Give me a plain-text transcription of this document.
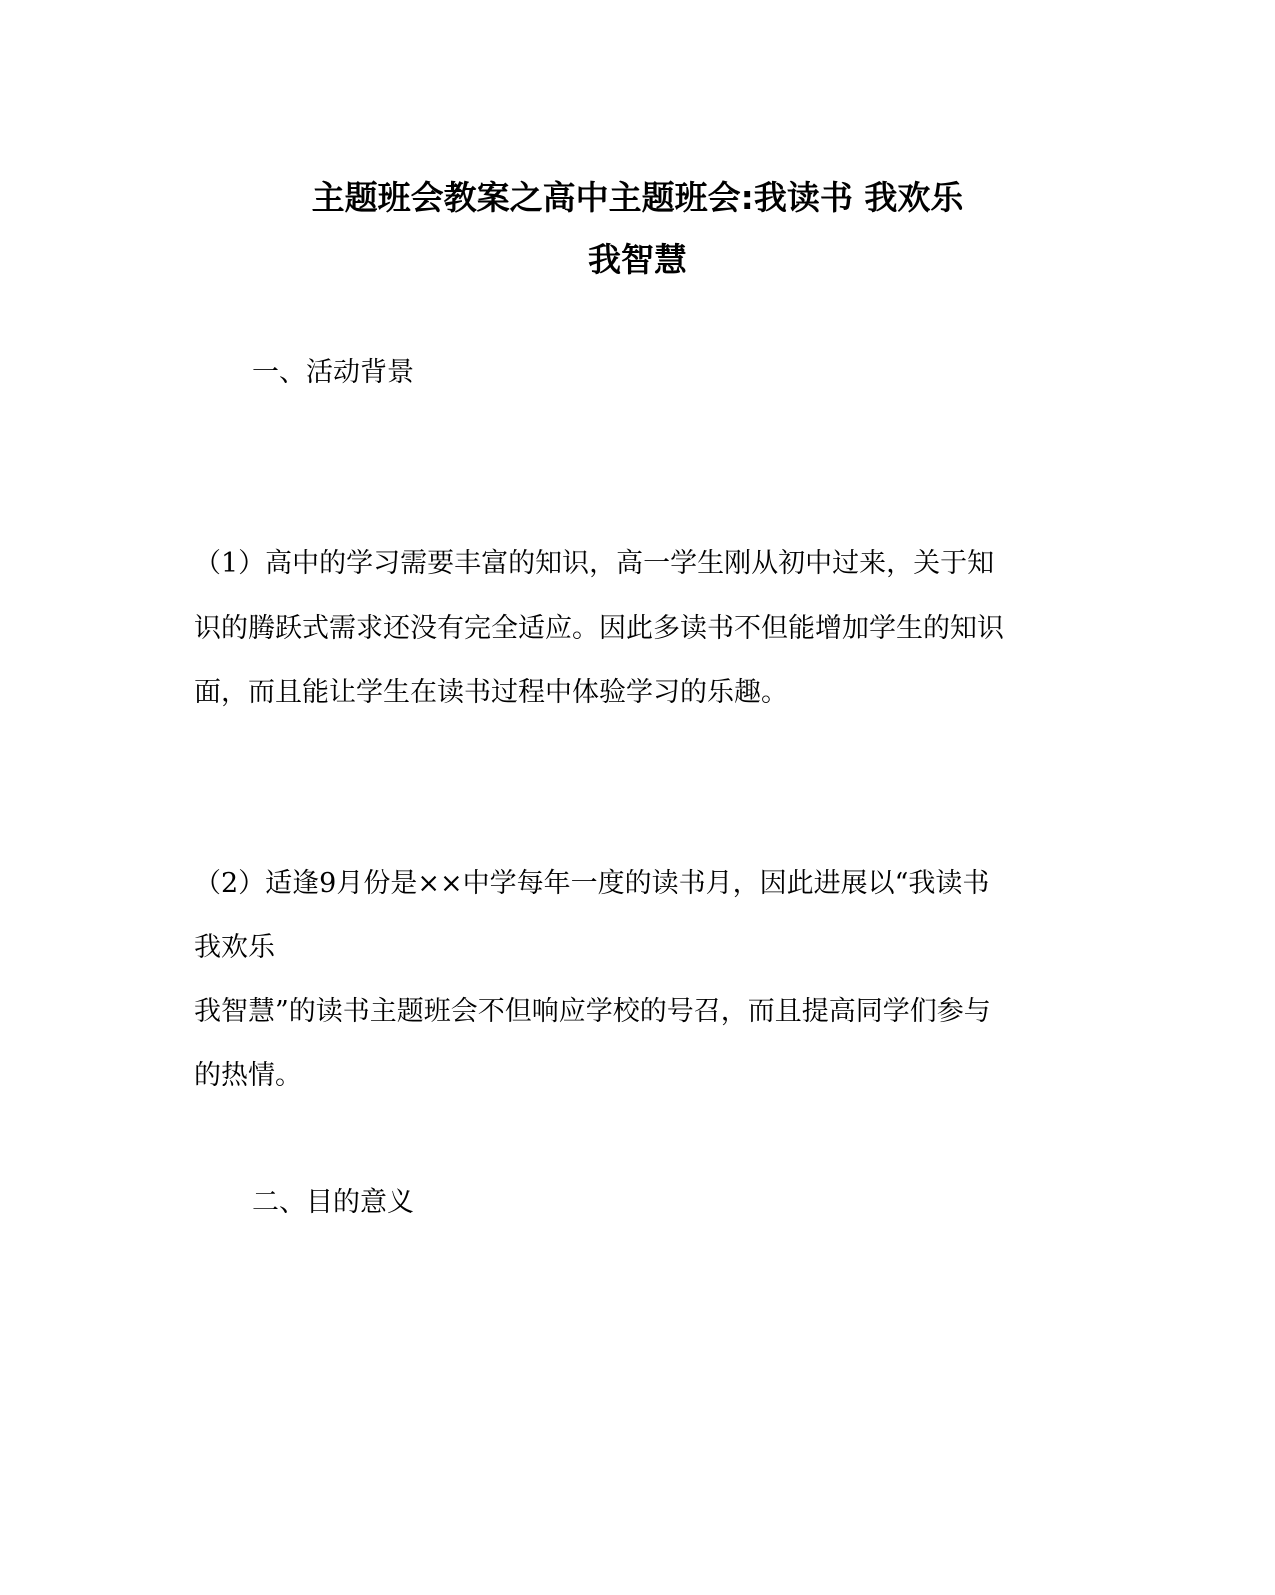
主题班会教案之高中主题班会:我读书 我欢乐
我智慧
一、活动背景
（1）高中的学习需要丰富的知识，高一学生刚从初中过来，关于知
识的腾跃式需求还没有完全适应。因此多读书不但能增加学生的知识
面，而且能让学生在读书过程中体验学习的乐趣。
（2）适逢9月份是××中学每年一度的读书月，因此进展以“我读书
我欢乐
我智慧”的读书主题班会不但响应学校的号召，而且提高同学们参与
的热情。
二、目的意义
